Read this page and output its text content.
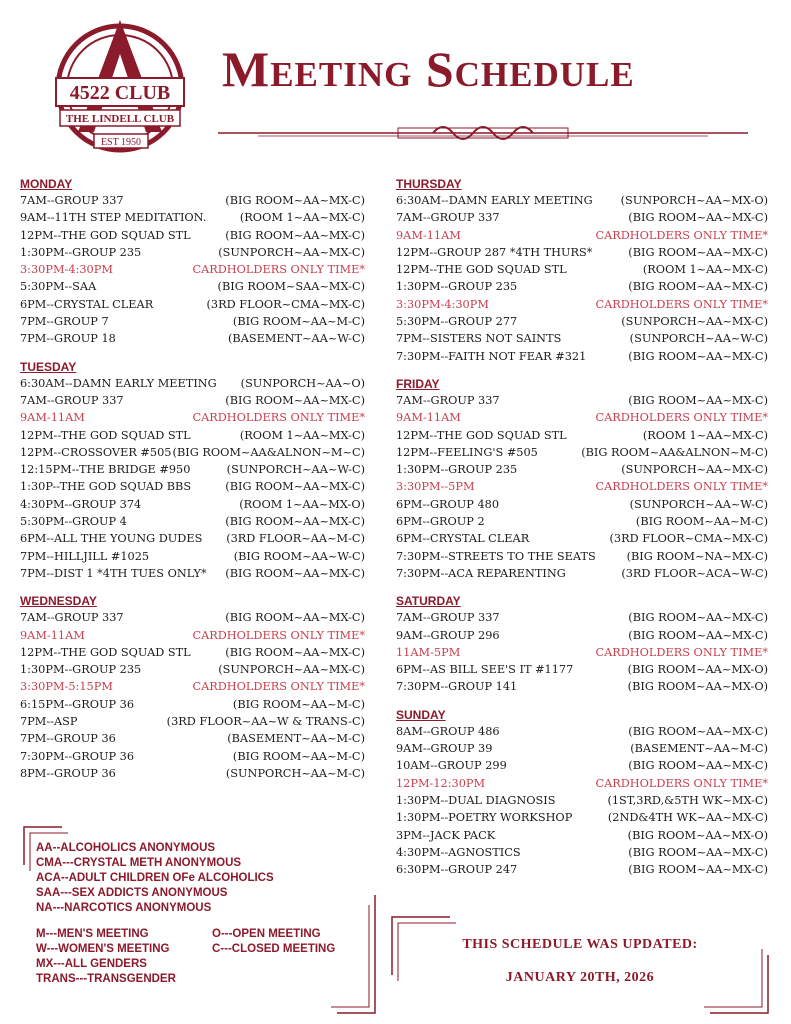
4522 CLUB
THE LINDELL CLUB
EST 1950
Meeting Schedule
MONDAY
7AM--GROUP 337	(BIG ROOM~AA~MX-C)
9AM--11TH STEP MEDITATION.	(ROOM 1~AA~MX-C)
12PM--THE GOD SQUAD STL	(BIG ROOM~AA~MX-C)
1:30PM--GROUP 235	(SUNPORCH~AA~MX-C)
3:30PM-4:30PM	CARDHOLDERS ONLY TIME*
5:30PM--SAA	(BIG ROOM~SAA~MX-C)
6PM--CRYSTAL CLEAR	(3RD FLOOR~CMA~MX-C)
7PM--GROUP 7	(BIG ROOM~AA~M-C)
7PM--GROUP 18	(BASEMENT~AA~W-C)
TUESDAY
6:30AM--DAMN EARLY MEETING (SUNPORCH~AA~O)
7AM--GROUP 337	(BIG ROOM~AA~MX-C)
9AM-11AM	CARDHOLDERS ONLY TIME*
12PM--THE GOD SQUAD STL	(ROOM 1~AA~MX-C)
12PM--CROSSOVER #505 (BIG ROOM~AA&ALNON~M~C)
12:15PM--THE BRIDGE #950	(SUNPORCH~AA~W-C)
1:30P--THE GOD SQUAD BBS	(BIG ROOM~AA~MX-C)
4:30PM--GROUP 374	(ROOM 1~AA~MX-O)
5:30PM--GROUP 4	(BIG ROOM~AA~MX-C)
6PM--ALL THE YOUNG DUDES (3RD FLOOR~AA~M-C)
7PM--HILLJILL #1025	(BIG ROOM~AA~W-C)
7PM--DIST 1 *4TH TUES ONLY* (BIG ROOM~AA~MX-C)
WEDNESDAY
7AM--GROUP 337	(BIG ROOM~AA~MX-C)
9AM-11AM	CARDHOLDERS ONLY TIME*
12PM--THE GOD SQUAD STL	(BIG ROOM~AA~MX-C)
1:30PM--GROUP 235	(SUNPORCH~AA~MX-C)
3:30PM-5:15PM	CARDHOLDERS ONLY TIME*
6:15PM--GROUP 36	(BIG ROOM~AA~M-C)
7PM--ASP	(3RD FLOOR~AA~W & TRANS-C)
7PM--GROUP 36	(BASEMENT~AA~M-C)
7:30PM--GROUP 36	(BIG ROOM~AA~M-C)
8PM--GROUP 36	(SUNPORCH~AA~M-C)
THURSDAY
6:30AM--DAMN EARLY MEETING (SUNPORCH~AA~MX-O)
7AM--GROUP 337	(BIG ROOM~AA~MX-C)
9AM-11AM	CARDHOLDERS ONLY TIME*
12PM--GROUP 287 *4TH THURS*	(BIG ROOM~AA~MX-C)
12PM--THE GOD SQUAD STL	(ROOM 1~AA~MX-C)
1:30PM--GROUP 235	(BIG ROOM~AA~MX-C)
3:30PM-4:30PM	CARDHOLDERS ONLY TIME*
5:30PM--GROUP 277	(SUNPORCH~AA~MX-C)
7PM--SISTERS NOT SAINTS	(SUNPORCH~AA~W-C)
7:30PM--FAITH NOT FEAR #321	(BIG ROOM~AA~MX-C)
FRIDAY
7AM--GROUP 337	(BIG ROOM~AA~MX-C)
9AM-11AM	CARDHOLDERS ONLY TIME*
12PM--THE GOD SQUAD STL	(ROOM 1~AA~MX-C)
12PM--FEELING'S #505	(BIG ROOM~AA&ALNON~M-C)
1:30PM--GROUP 235	(SUNPORCH~AA~MX-C)
3:30PM--5PM	CARDHOLDERS ONLY TIME*
6PM--GROUP 480	(SUNPORCH~AA~W-C)
6PM--GROUP 2	(BIG ROOM~AA~M-C)
6PM--CRYSTAL CLEAR	(3RD FLOOR~CMA~MX-C)
7:30PM--STREETS TO THE SEATS	(BIG ROOM~NA~MX-C)
7:30PM--ACA REPARENTING	(3RD FLOOR~ACA~W-C)
SATURDAY
7AM--GROUP 337	(BIG ROOM~AA~MX-C)
9AM--GROUP 296	(BIG ROOM~AA~MX-C)
11AM-5PM	CARDHOLDERS ONLY TIME*
6PM--AS BILL SEE'S IT #1177	(BIG ROOM~AA~MX-O)
7:30PM--GROUP 141	(BIG ROOM~AA~MX-O)
SUNDAY
8AM--GROUP 486	(BIG ROOM~AA~MX-C)
9AM--GROUP 39	(BASEMENT~AA~M-C)
10AM--GROUP 299	(BIG ROOM~AA~MX-C)
12PM-12:30PM	CARDHOLDERS ONLY TIME*
1:30PM--DUAL DIAGNOSIS	(1ST,3RD,&5TH WK~MX-C)
1:30PM--POETRY WORKSHOP	(2ND&4TH WK~AA~MX-C)
3PM--JACK PACK	(BIG ROOM~AA~MX-O)
4:30PM--AGNOSTICS	(BIG ROOM~AA~MX-C)
6:30PM--GROUP 247	(BIG ROOM~AA~MX-C)
AA--ALCOHOLICS ANONYMOUS
CMA---CRYSTAL METH ANONYMOUS
ACA--ADULT CHILDREN OFe ALCOHOLICS
SAA---SEX ADDICTS ANONYMOUS
NA---NARCOTICS ANONYMOUS
M---MEN'S MEETING	O---OPEN MEETING
W---WOMEN'S MEETING	C---CLOSED MEETING
MX---ALL GENDERS
TRANS---TRANSGENDER
THIS SCHEDULE WAS UPDATED:
JANUARY 20TH, 2026
